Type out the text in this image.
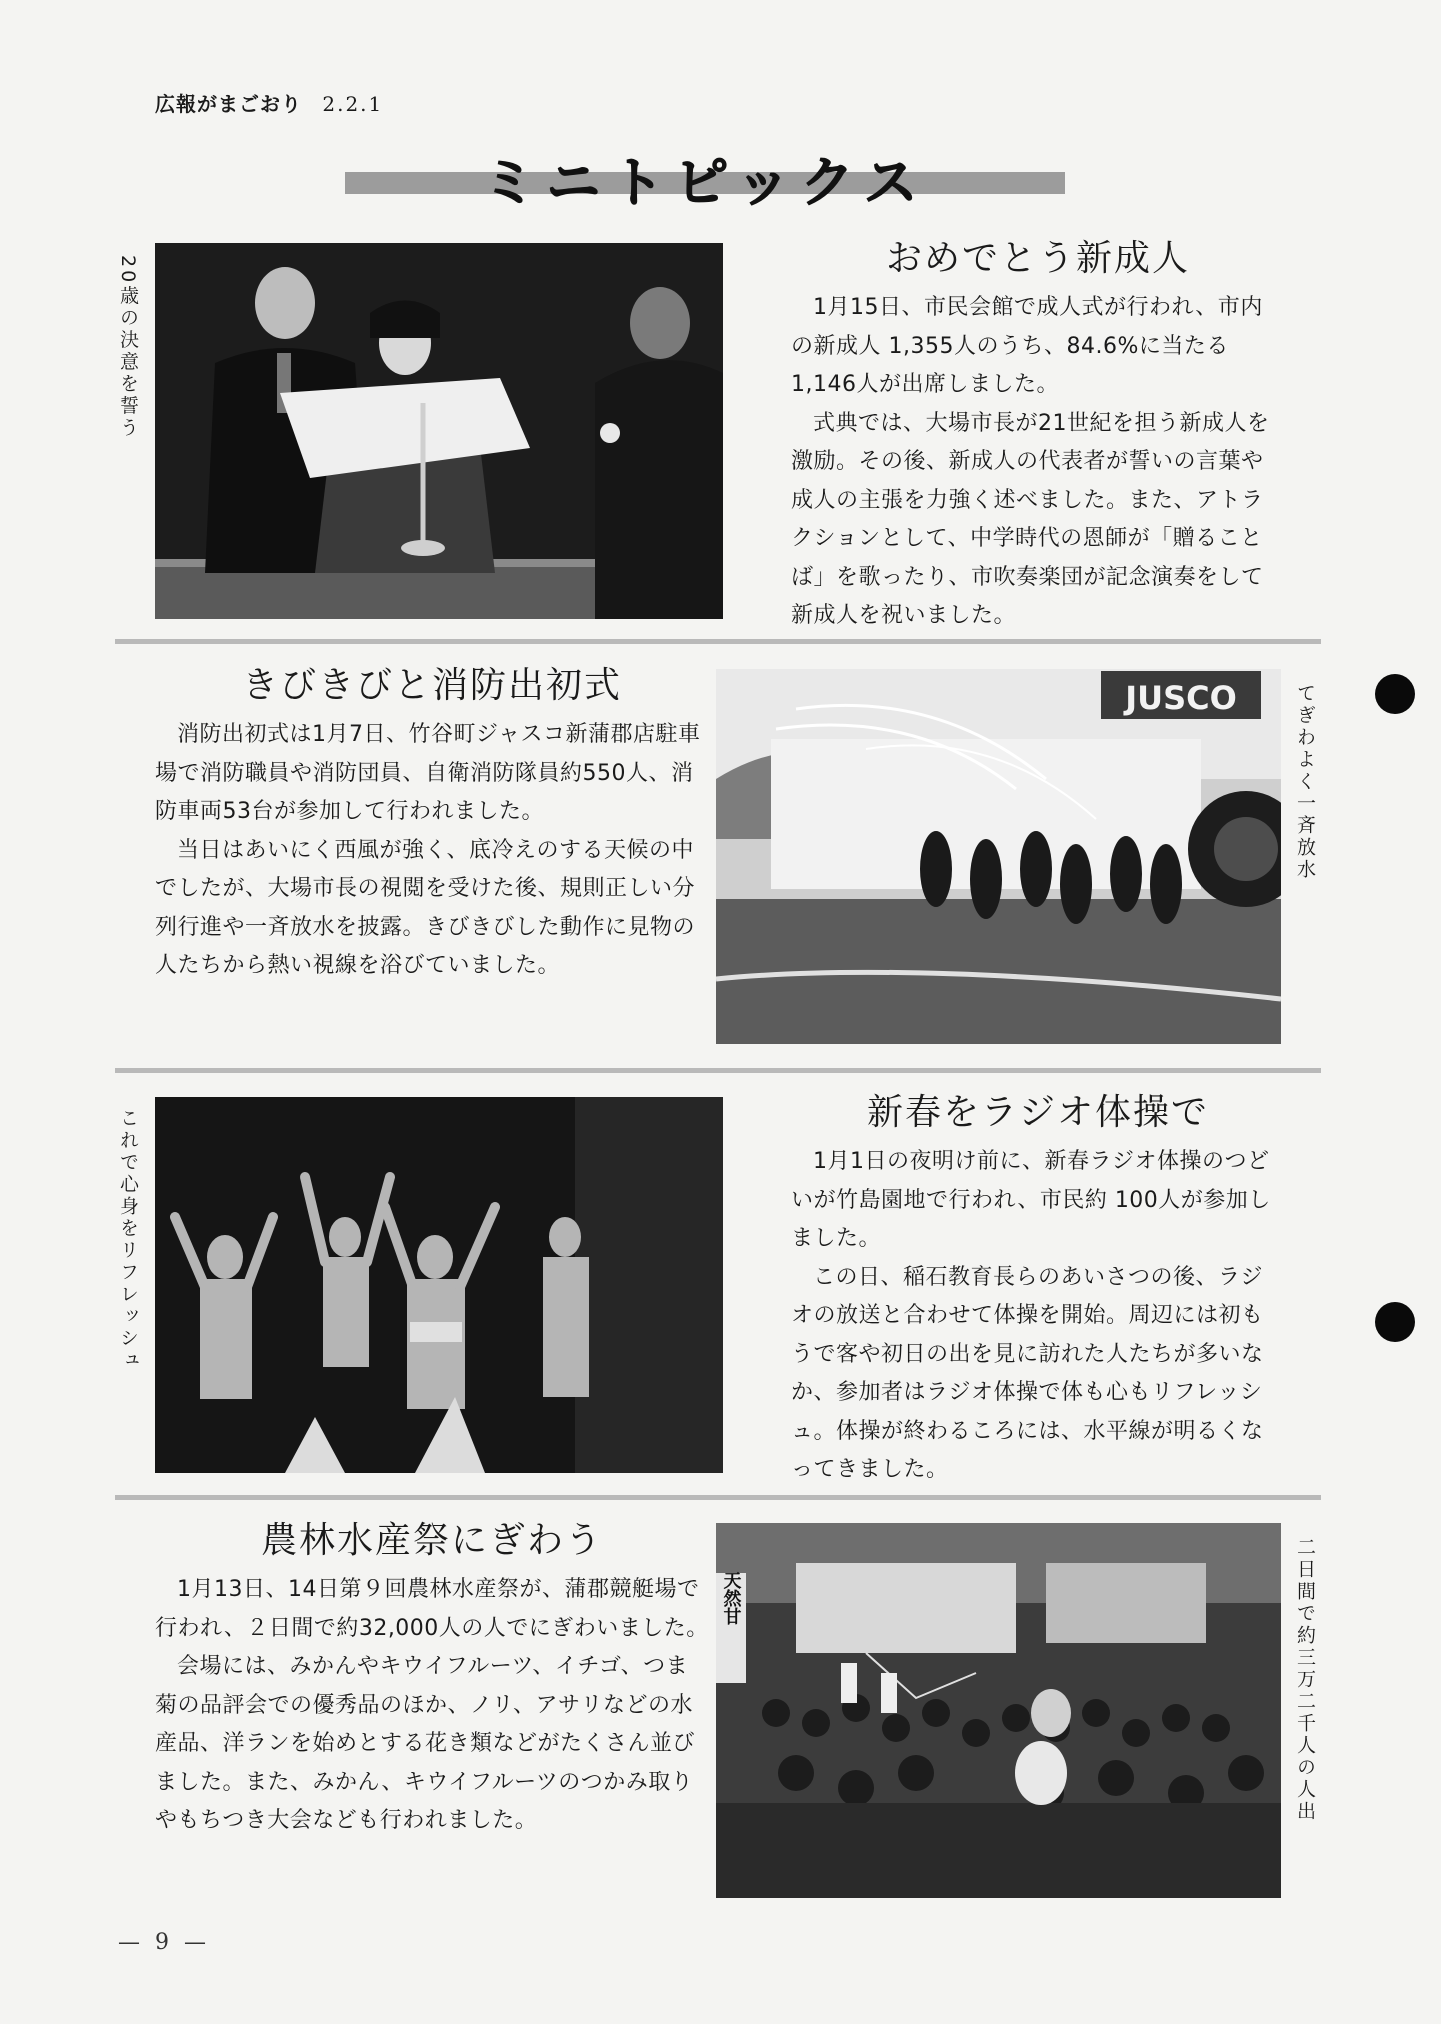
広報がまごおり 2.2.1
ミニトピックス
20歳の決意を誓う	おめでとう新成人

1月15日、市民会館で成人式が行われ、市内の新成人 1,355人のうち、84.6%に当たる 1,146人が出席しました。

式典では、大場市長が21世紀を担う新成人を激励。その後、新成人の代表者が誓いの言葉や成人の主張を力強く述べました。また、アトラクションとして、中学時代の恩師が「贈ることば」を歌ったり、市吹奏楽団が記念演奏をして新成人を祝いました。

きびきびと消防出初式

消防出初式は1月7日、竹谷町ジャスコ新蒲郡店駐車場で消防職員や消防団員、自衛消防隊員約550人、消防車両53台が参加して行われました。

当日はあいにく西風が強く、底冷えのする天候の中でしたが、大場市長の視閲を受けた後、規則正しい分列行進や一斉放水を披露。きびきびした動作に見物の人たちから熱い視線を浴びていました。

JUSCO	てぎわよく一斉放水
これで心身をリフレッシュ	新春をラジオ体操で

1月1日の夜明け前に、新春ラジオ体操のつどいが竹島園地で行われ、市民約 100人が参加しました。

この日、稲石教育長らのあいさつの後、ラジオの放送と合わせて体操を開始。周辺には初もうで客や初日の出を見に訪れた人たちが多いなか、参加者はラジオ体操で体も心もリフレッシュ。体操が終わるころには、水平線が明るくなってきました。

農林水産祭にぎわう

1月13日、14日第９回農林水産祭が、蒲郡競艇場で行われ、２日間で約32,000人の人でにぎわいました。

会場には、みかんやキウイフルーツ、イチゴ、つま菊の品評会での優秀品のほか、ノリ、アサリなどの水産品、洋ランを始めとする花き類などがたくさん並びました。また、みかん、キウイフルーツのつかみ取りやもちつき大会なども行われました。

天然甘	二日間で約三万二千人の人出
— 9 —
